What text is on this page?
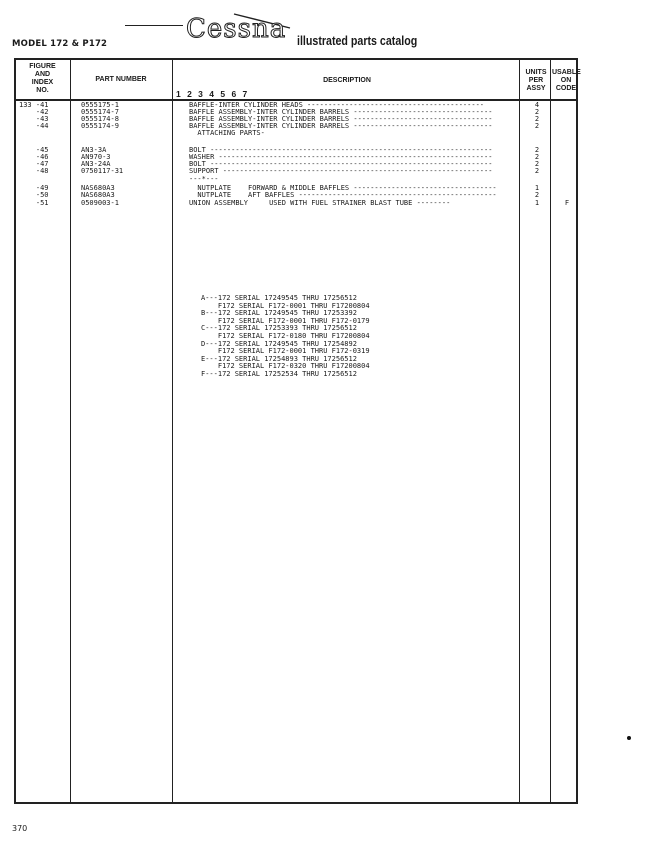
MODEL 172 & P172	Cessna illustrated parts catalog
FIGURE
AND
INDEX
NO.
PART NUMBER	DESCRIPTION
1 2 3 4 5 6 7
UNITS
PER
ASSY
USABLE
ON
CODE
133 -41	0555175-1	BAFFLE-INTER CYLINDER HEADS ------------------------------------------	4
-42	0555174-7	BAFFLE ASSEMBLY-INTER CYLINDER BARRELS ---------------------------------	2
-43	0555174-8	BAFFLE ASSEMBLY-INTER CYLINDER BARRELS ---------------------------------	2
-44	0555174-9	BAFFLE ASSEMBLY-INTER CYLINDER BARRELS ---------------------------------	2
ATTACHING PARTS-
-45	AN3-3A	BOLT -------------------------------------------------------------------	2
-46	AN970-3	WASHER -----------------------------------------------------------------	2
-47	AN3-24A	BOLT -------------------------------------------------------------------	2
-48	0750117-31	SUPPORT ----------------------------------------------------------------	2
---*---
-49	NAS680A3	NUTPLATE    FORWARD & MIDDLE BAFFLES ----------------------------------	1
-50	NAS680A3	NUTPLATE    AFT BAFFLES -----------------------------------------------	2
-51	0509003-1	UNION ASSEMBLY     USED WITH FUEL STRAINER BLAST TUBE --------	1	F
A---172 SERIAL 17249545 THRU 17256512
F172 SERIAL F172-0001 THRU F17200804
B---172 SERIAL 17249545 THRU 17253392
F172 SERIAL F172-0001 THRU F172-0179
C---172 SERIAL 17253393 THRU 17256512
F172 SERIAL F172-0180 THRU F17200804
D---172 SERIAL 17249545 THRU 17254892
F172 SERIAL F172-0001 THRU F172-0319
E---172 SERIAL 17254893 THRU 17256512
F172 SERIAL F172-0320 THRU F17200804
F---172 SERIAL 17252534 THRU 17256512
370
